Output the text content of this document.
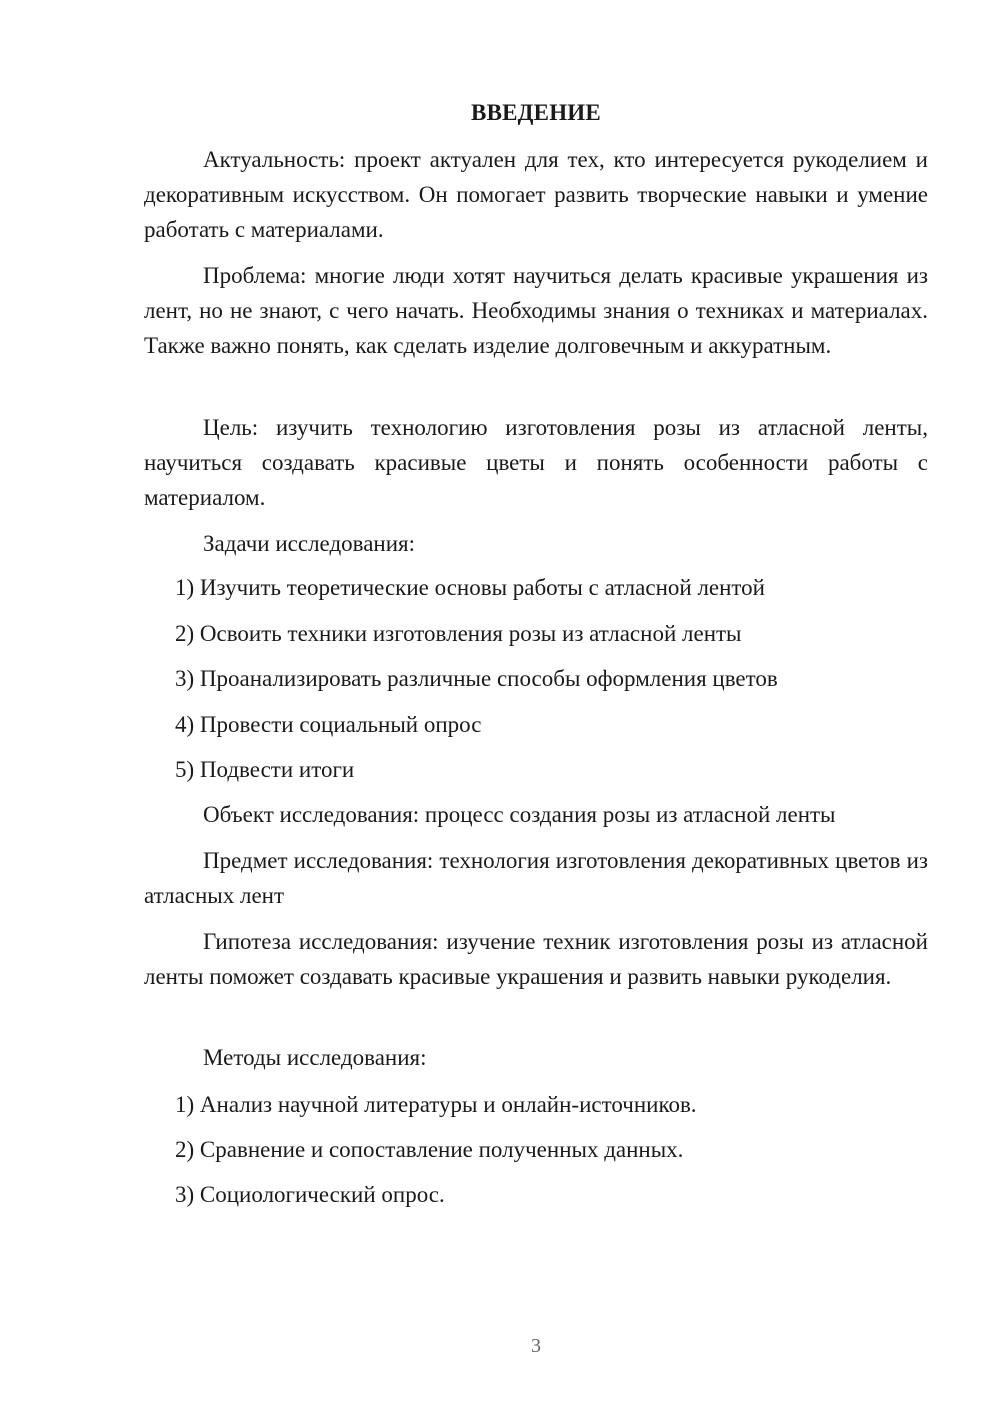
ВВЕДЕНИЕ

Актуальность: проект актуален для тех, кто интересуется рукоделием и декоративным искусством. Он помогает развить творческие навыки и умение работать с материалами.

Проблема: многие люди хотят научиться делать красивые украшения из лент, но не знают, с чего начать. Необходимы знания о техниках и материалах. Также важно понять, как сделать изделие долговечным и аккуратным.

Цель: изучить технологию изготовления розы из атласной ленты, научиться создавать красивые цветы и понять особенности работы с материалом.

Задачи исследования:

1) Изучить теоретические основы работы с атласной лентой

2) Освоить техники изготовления розы из атласной ленты

3) Проанализировать различные способы оформления цветов

4) Провести социальный опрос

5) Подвести итоги

Объект исследования: процесс создания розы из атласной ленты

Предмет исследования: технология изготовления декоративных цветов из атласных лент

Гипотеза исследования: изучение техник изготовления розы из атласной ленты поможет создавать красивые украшения и развить навыки рукоделия.

Методы исследования:

1) Анализ научной литературы и онлайн-источников.

2) Сравнение и сопоставление полученных данных.

3) Социологический опрос.

3
